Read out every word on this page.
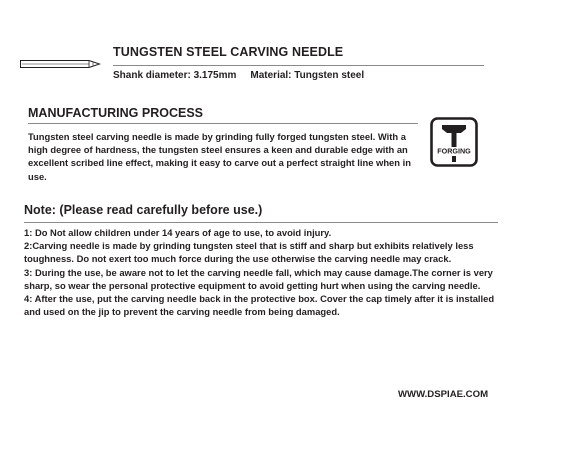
TUNGSTEN STEEL CARVING NEEDLE
Shank diameter: 3.175mm Material: Tungsten steel
MANUFACTURING PROCESS
Tungsten steel carving needle is made by grinding fully forged tungsten steel. With a high degree of hardness, the tungsten steel ensures a keen and durable edge with an excellent scribed line effect, making it easy to carve out a perfect straight line when in use.
FORGING
Note: (Please read carefully before use.)

1: Do Not allow children under 14 years of age to use, to avoid injury.

2:Carving needle is made by grinding tungsten steel that is stiff and sharp but exhibits relatively less toughness. Do not exert too much force during the use otherwise the carving needle may crack.

3: During the use, be aware not to let the carving needle fall, which may cause damage.The corner is very sharp, so wear the personal protective equipment to avoid getting hurt when using the carving needle.

4: After the use, put the carving needle back in the protective box. Cover the cap timely after it is installed and used on the jip to prevent the carving needle from being damaged.

WWW.DSPIAE.COM
